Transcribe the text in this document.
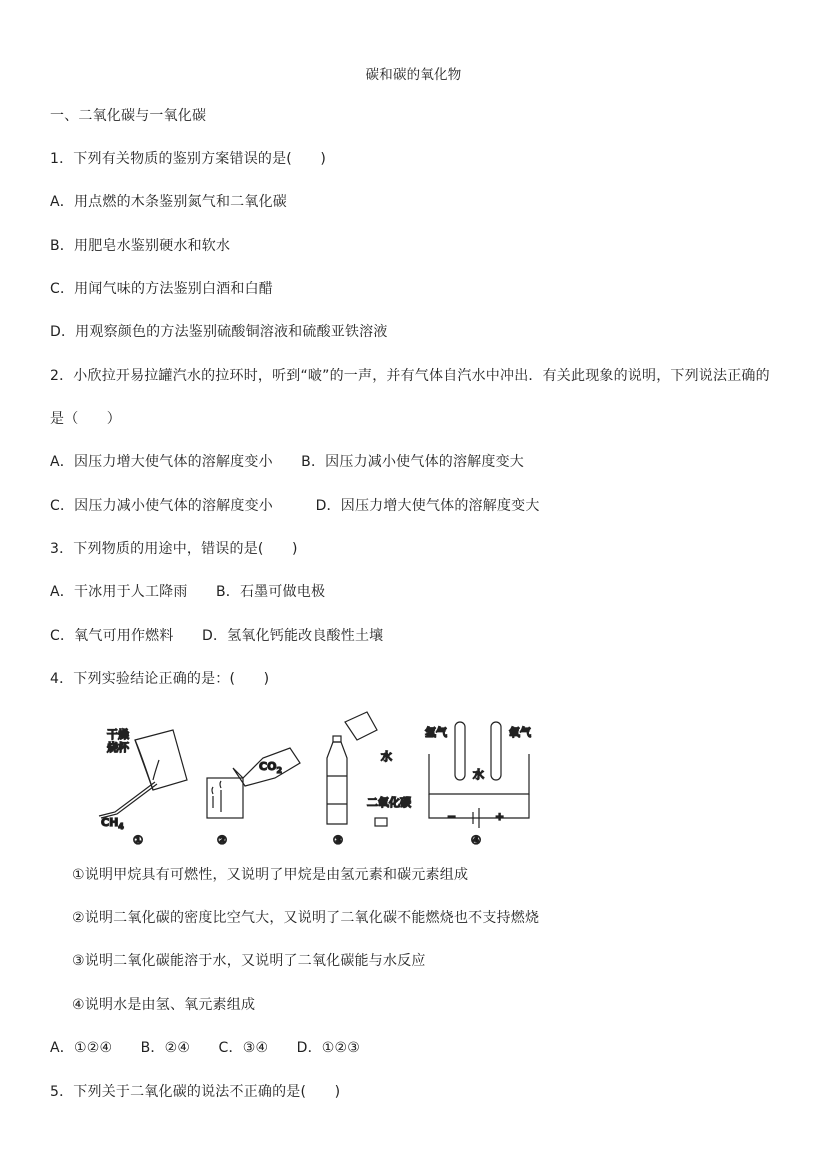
碳和碳的氧化物
一、二氧化碳与一氧化碳
1．下列有关物质的鉴别方案错误的是(　　)
A．用点燃的木条鉴别氮气和二氧化碳
B．用肥皂水鉴别硬水和软水
C．用闻气味的方法鉴别白酒和白醋
D．用观察颜色的方法鉴别硫酸铜溶液和硫酸亚铁溶液
2．小欣拉开易拉罐汽水的拉环时，听到“啵”的一声，并有气体自汽水中冲出．有关此现象的说明，下列说法正确的
是（　　）
A．因压力增大使气体的溶解度变小　　B．因压力减小使气体的溶解度变大
C．因压力减小使气体的溶解度变小　　　D．因压力增大使气体的溶解度变大
3．下列物质的用途中，错误的是(　　)
A．干冰用于人工降雨　　B．石墨可做电极
C．氧气可用作燃料　　D．氢氧化钙能改良酸性土壤
4．下列实验结论正确的是：(　　)
干燥
烧杯
$CH_4$
①
$CO_2$
②
水
二氧化碳
③
氢气	氧气
水
−	+
④
①说明甲烷具有可燃性，又说明了甲烷是由氢元素和碳元素组成
②说明二氧化碳的密度比空气大，又说明了二氧化碳不能燃烧也不支持燃烧
③说明二氧化碳能溶于水，又说明了二氧化碳能与水反应
④说明水是由氢、氧元素组成
A．①②④　　B．②④　　C．③④　　D．①②③
5．下列关于二氧化碳的说法不正确的是(　　)
